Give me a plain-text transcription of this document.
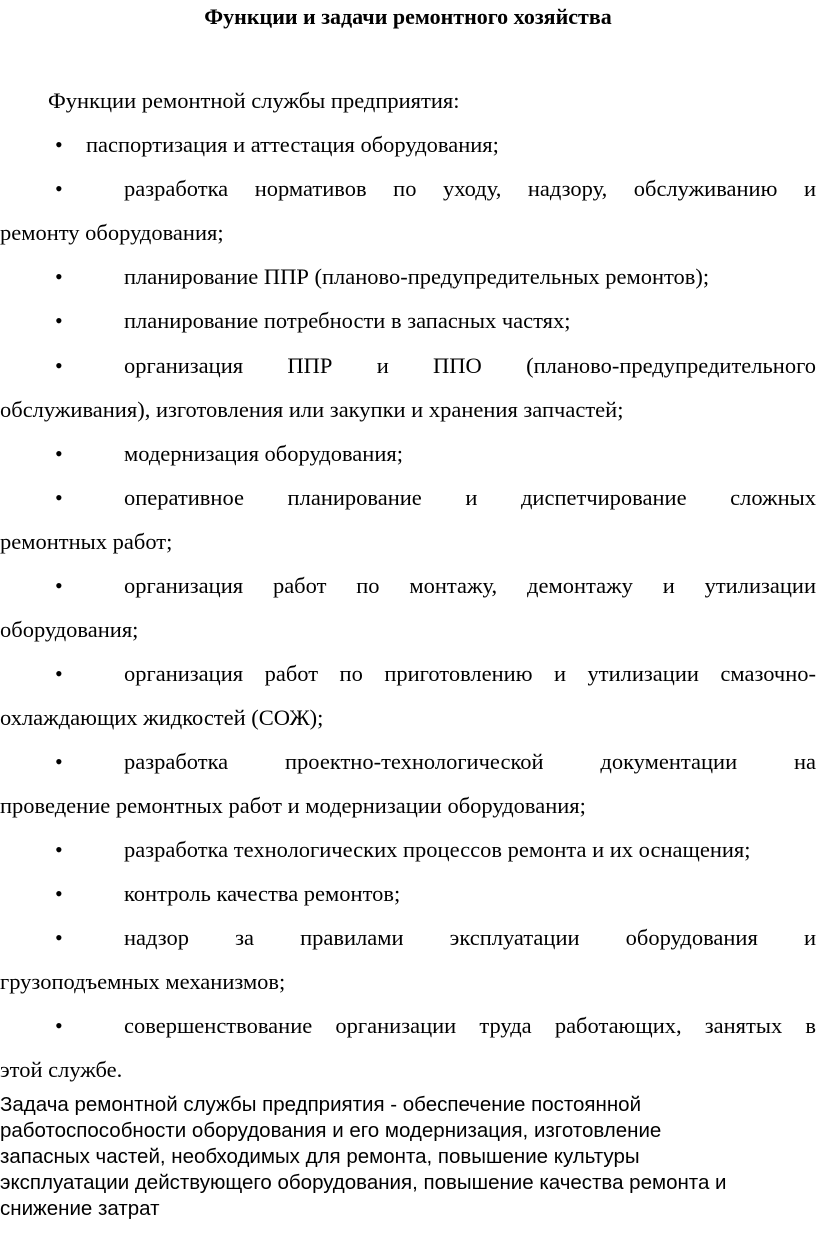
Функции и задачи ремонтного хозяйства
Функции ремонтной службы предприятия:
• паспортизация и аттестация оборудования;
•	разработка нормативов по уходу, надзору, обслуживанию и
ремонту оборудования;
•	планирование ППР (планово-предупредительных ремонтов);
•	планирование потребности в запасных частях;
•	организация ППР и ППО (планово-предупредительного
обслуживания), изготовления или закупки и хранения запчастей;
•	модернизация оборудования;
•	оперативное планирование и диспетчирование сложных
ремонтных работ;
•	организация работ по монтажу, демонтажу и утилизации
оборудования;
•	организация работ по приготовлению и утилизации смазочно-
охлаждающих жидкостей (СОЖ);
•	разработка проектно-технологической документации на
проведение ремонтных работ и модернизации оборудования;
•	разработка технологических процессов ремонта и их оснащения;
•	контроль качества ремонтов;
•	надзор за правилами эксплуатации оборудования и
грузоподъемных механизмов;
•	совершенствование организации труда работающих, занятых в
этой службе.
Задача ремонтной службы предприятия - обеспечение постоянной
работоспособности оборудования и его модернизация, изготовление
запасных частей, необходимых для ремонта, повышение культуры
эксплуатации действующего оборудования, повышение качества ремонта и
снижение затрат
